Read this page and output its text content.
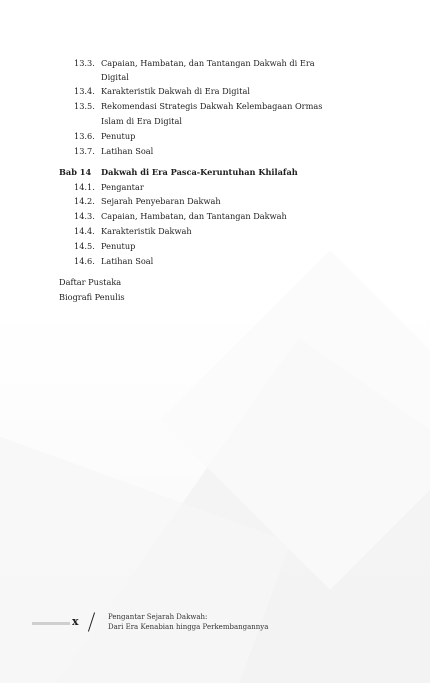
13.3. Capaian, Hambatan, dan Tantangan Dakwah di Era
Digital
13.4. Karakteristik Dakwah di Era Digital
13.5. Rekomendasi Strategis Dakwah Kelembagaan Ormas
Islam di Era Digital
13.6. Penutup
13.7. Latihan Soal
Bab 14 Dakwah di Era Pasca-Keruntuhan Khilafah
14.1. Pengantar
14.2. Sejarah Penyebaran Dakwah
14.3. Capaian, Hambatan, dan Tantangan Dakwah
14.4. Karakteristik Dakwah
14.5. Penutup
14.6. Latihan Soal
Daftar Pustaka
Biografi Penulis
x	Pengantar Sejarah Dakwah:
Dari Era Kenabian hingga Perkembangannya
